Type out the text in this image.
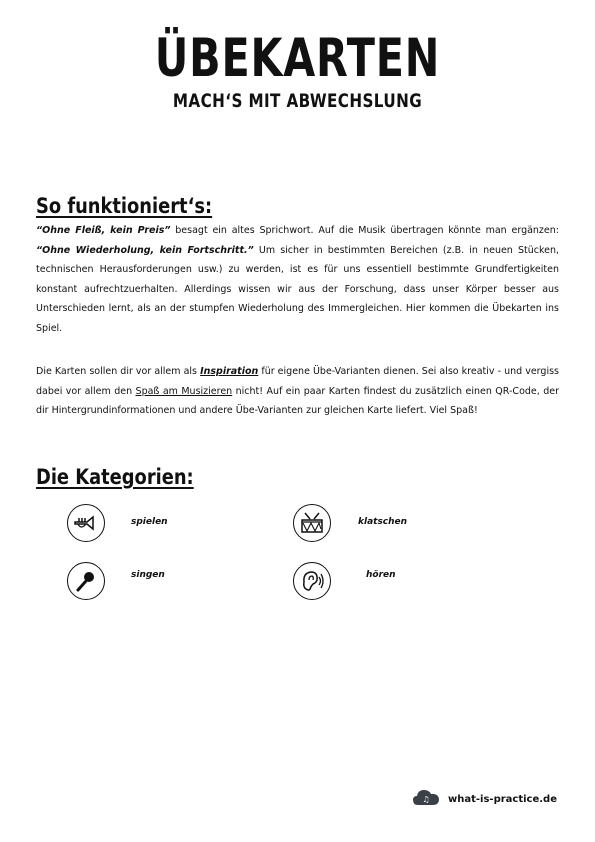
ÜBEKARTEN
MACH‘S MIT ABWECHSLUNG
So funktioniert‘s:
“Ohne Fleiß, kein Preis” besagt ein altes Sprichwort. Auf die Musik übertragen könnte man ergänzen: “Ohne Wiederholung, kein Fortschritt.” Um sicher in bestimmten Bereichen (z.B. in neuen Stücken, technischen Herausforderungen usw.) zu werden, ist es für uns essentiell bestimmte Grundfertigkeiten konstant aufrechtzuerhalten. Allerdings wissen wir aus der Forschung, dass unser Körper besser aus Unterschieden lernt, als an der stumpfen Wiederholung des Immergleichen. Hier kommen die Übekarten ins Spiel.
Die Karten sollen dir vor allem als Inspiration für eigene Übe-Varianten dienen. Sei also kreativ - und vergiss dabei vor allem den Spaß am Musizieren nicht! Auf ein paar Karten findest du zusätzlich einen QR-Code, der dir Hintergrundinformationen und andere Übe-Varianten zur gleichen Karte liefert. Viel Spaß!
Die Kategorien:
spielen	klatschen
singen	hören
♫ what-is-practice.de
